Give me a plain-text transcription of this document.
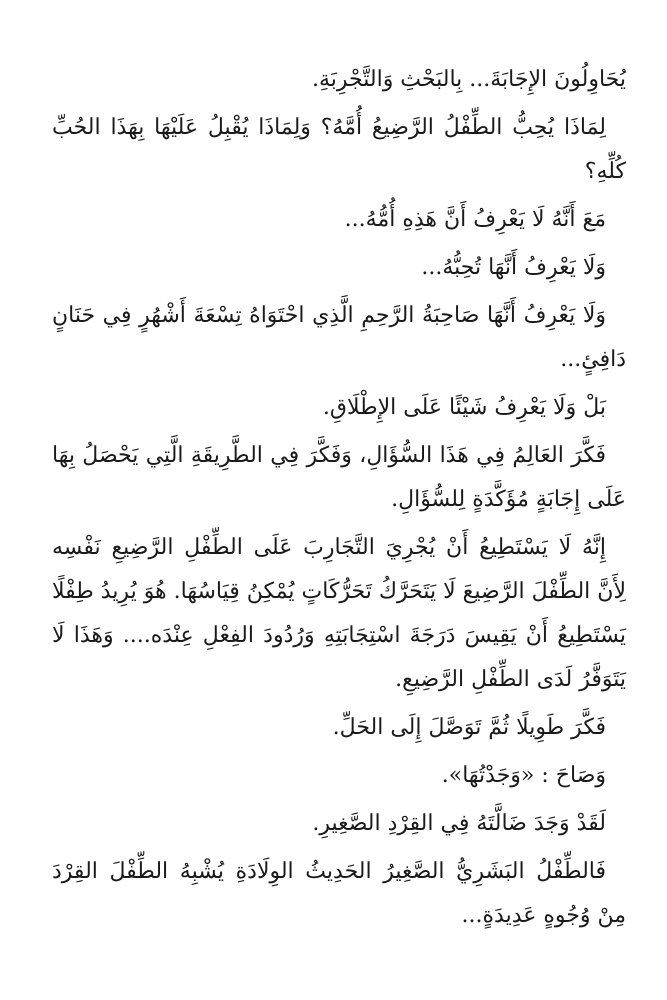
يُحَاوِلُونَ الإِجَابَةَ... بِالبَحْثِ وَالتَّجْرِبَةِ.

لِمَاذَا يُحِبُّ الطِّفْلُ الرَّضِيعُ أُمَّهُ؟ وَلِمَاذَا يُقْبِلُ عَلَيْهَا بِهَذَا الحُبِّ كُلِّهِ؟

مَعَ أَنَّهُ لَا يَعْرِفُ أَنَّ هَذِهِ أُمُّهُ...

وَلَا يَعْرِفُ أَنَّهَا تُحِبُّهُ...

وَلَا يَعْرِفُ أَنَّهَا صَاحِبَةُ الرَّحِمِ الَّذِي احْتَوَاهُ تِسْعَةَ أَشْهُرٍ فِي حَنَانٍ دَافِئٍ...

بَلْ وَلَا يَعْرِفُ شَيْئًا عَلَى الإِطْلَاقِ.

فَكَّرَ العَالِمُ فِي هَذَا السُّؤَالِ، وَفَكَّرَ فِي الطَّرِيقَةِ الَّتِي يَحْصَلُ بِهَا عَلَى إِجَابَةٍ مُؤَكَّدَةٍ لِلسُّؤَالِ.

إِنَّهُ لَا يَسْتَطِيعُ أَنْ يُجْرِيَ التَّجَارِبَ عَلَى الطِّفْلِ الرَّضِيعِ نَفْسِه لِأَنَّ الطِّفْلَ الرَّضِيعَ لَا يَتَحَرَّكُ تَحَرُّكَاتٍ يُمْكِنُ قِيَاسُهَا. هُوَ يُرِيدُ طِفْلًا يَسْتَطِيعُ أَنْ يَقِيسَ دَرَجَةَ اسْتِجَابَتِهِ وَرُدُودَ الفِعْلِ عِنْدَه.... وَهَذَا لَا يَتَوَفَّرُ لَدَى الطِّفْلِ الرَّضِيعِ.

فَكَّرَ طَوِيلًا ثُمَّ تَوَصَّلَ إِلَى الحَلِّ.

وَصَاحَ : «وَجَدْتُهَا».

لَقَدْ وَجَدَ ضَالَّتَهُ فِي القِرْدِ الصَّغِيرِ.

فَالطِّفْلُ البَشَرِيُّ الصَّغِيرُ الحَدِيثُ الوِلَادَةِ يُشْبِهُ الطِّفْلَ القِرْدَ مِنْ وُجُوهٍ عَدِيدَةٍ...
